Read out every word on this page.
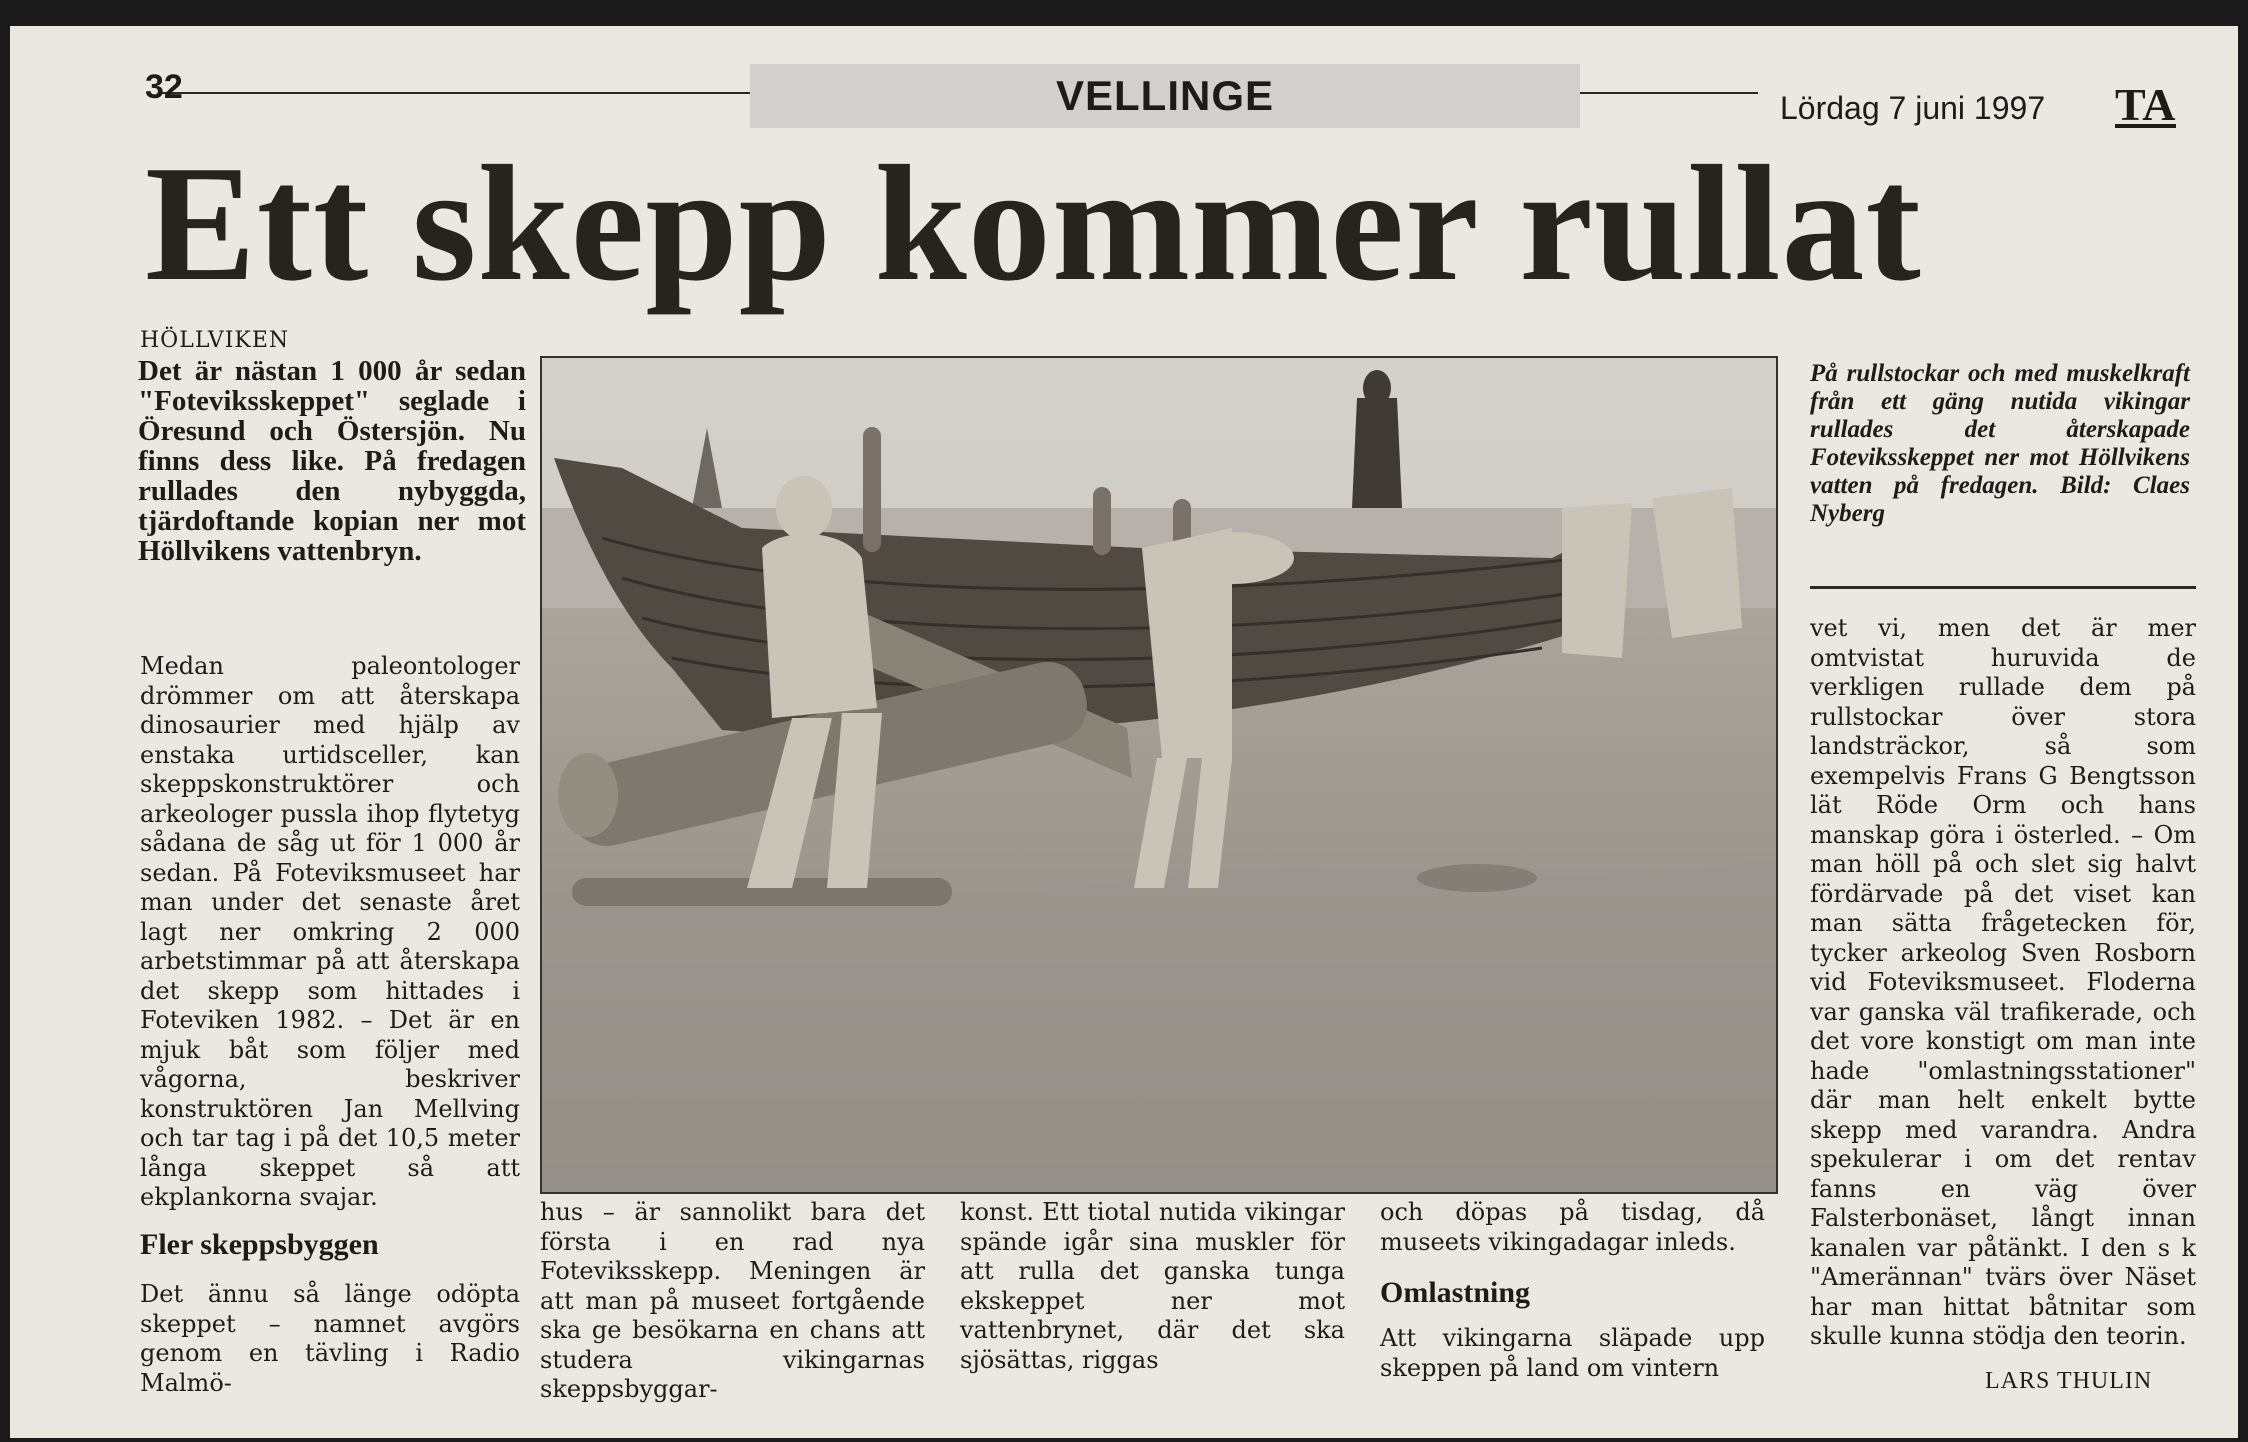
32	VELLINGE	Lördag 7 juni 1997 TA
Ett skepp kommer rullat
HÖLLVIKEN

Det är nästan 1 000 år sedan "Foteviksskeppet" seglade i Öresund och Östersjön. Nu finns dess like. På fredagen rullades den nybyggda, tjärdoftande kopian ner mot Höllvikens vattenbryn.

Medan paleontologer drömmer om att återskapa dinosaurier med hjälp av enstaka urtidsceller, kan skeppskonstruktörer och arkeologer pussla ihop flytetyg sådana de såg ut för 1 000 år sedan. På Foteviksmuseet har man under det senaste året lagt ner omkring 2 000 arbetstimmar på att återskapa det skepp som hittades i Foteviken 1982. – Det är en mjuk båt som följer med vågorna, beskriver konstruktören Jan Mellving och tar tag i på det 10,5 meter långa skeppet så att ekplankorna svajar.

Fler skeppsbyggen

Det ännu så länge odöpta skeppet – namnet avgörs genom en tävling i Radio Malmö-

hus – är sannolikt bara det första i en rad nya Foteviksskepp. Meningen är att man på museet fortgående ska ge besökarna en chans att studera vikingarnas skeppsbyggar-

konst. Ett tiotal nutida vikingar spände igår sina muskler för att rulla det ganska tunga ekskeppet ner mot vattenbrynet, där det ska sjösättas, riggas

och döpas på tisdag, då museets vikingadagar inleds.

Omlastning

Att vikingarna släpade upp skeppen på land om vintern

På rullstockar och med muskelkraft från ett gäng nutida vikingar rullades det återskapade Foteviksskeppet ner mot Höllvikens vatten på fredagen. Bild: Claes Nyberg

vet vi, men det är mer omtvistat huruvida de verkligen rullade dem på rullstockar över stora landsträckor, så som exempelvis Frans G Bengtsson lät Röde Orm och hans manskap göra i österled. – Om man höll på och slet sig halvt fördärvade på det viset kan man sätta frågetecken för, tycker arkeolog Sven Rosborn vid Foteviksmuseet. Floderna var ganska väl trafikerade, och det vore konstigt om man inte hade "omlastningsstationer" där man helt enkelt bytte skepp med varandra. Andra spekulerar i om det rentav fanns en väg över Falsterbonäset, långt innan kanalen var påtänkt. I den s k "Amerännan" tvärs över Näset har man hittat båtnitar som skulle kunna stödja den teorin.

LARS THULIN
